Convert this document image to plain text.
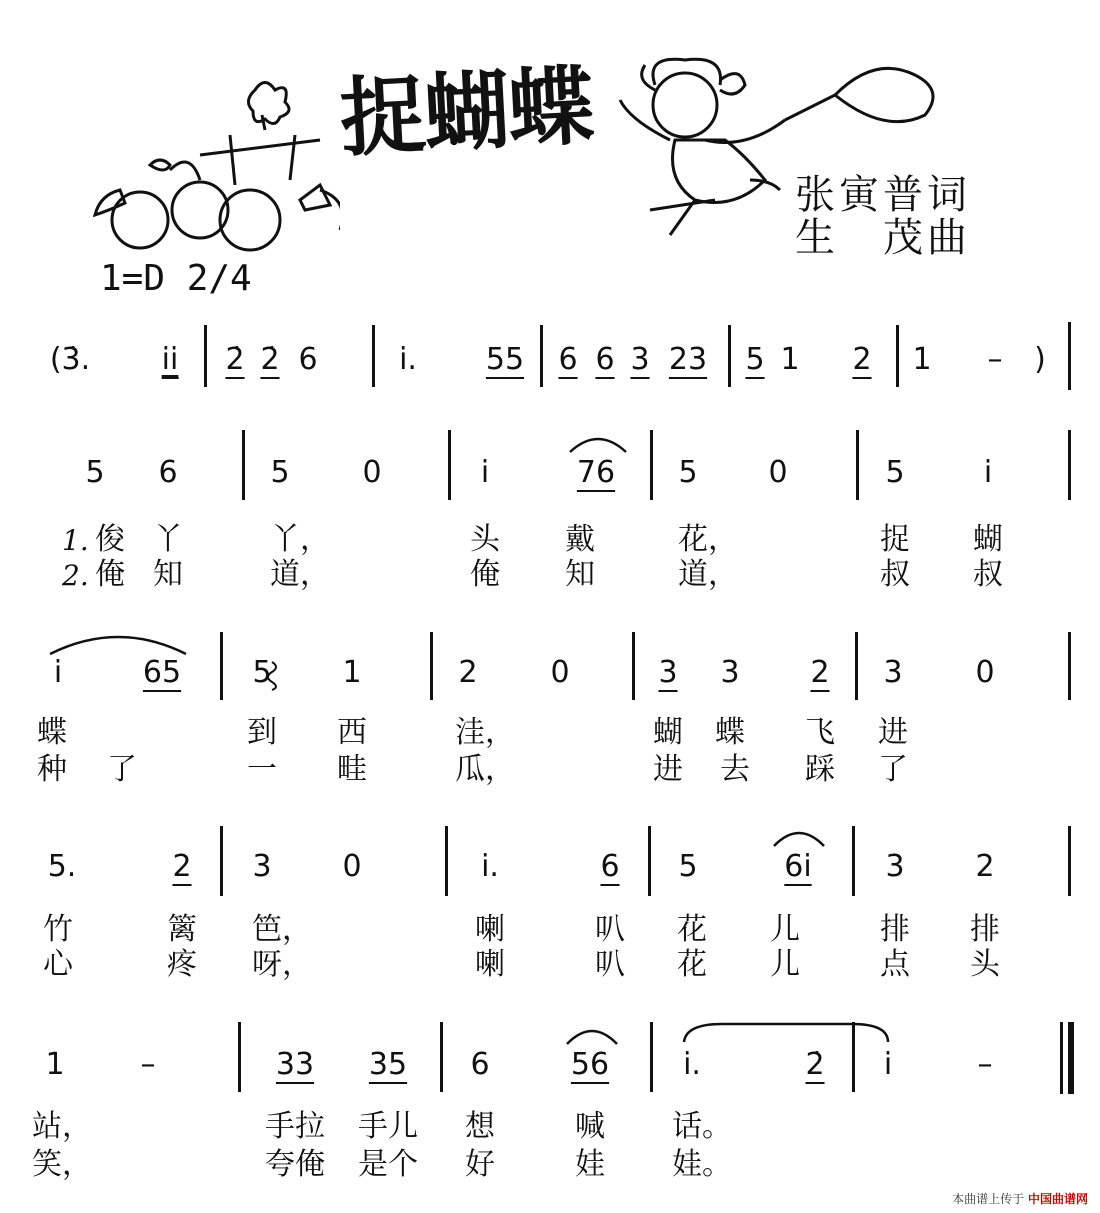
捉蝴蝶
张寅普词
生　茂曲
1=D 2/4
(3̇. i̇i̇ 2̇ 2̇ 6	i̇. 55 6 6 3 23 5 1 2 1 – )
5 6	5 0	i̇	76 5 0	5	i̇
1. 俊 丫	丫，	头 戴	花，	捉 蝴
2. 俺 知	道，	俺 知	道，	叔 叔
i̇	65 5 1	2 0	3 3 2 3 0
蝶	到 西	洼，	蝴 蝶 飞 进
种 了	一 畦	瓜，	进 去 踩 了
5.	2 3 0	i̇.	6 5	6i̇ 3 2
竹	篱 笆，	喇	叭 花 儿	排 排
心	疼 呀，	喇	叭 花 儿	点 头
1	–	33 35 6	56 i̇.	2̇ i̇	–
站，	手拉 手儿 想	喊 话。
笑，	夸俺 是个 好	娃 娃。
本曲谱上传于 中国曲谱网
